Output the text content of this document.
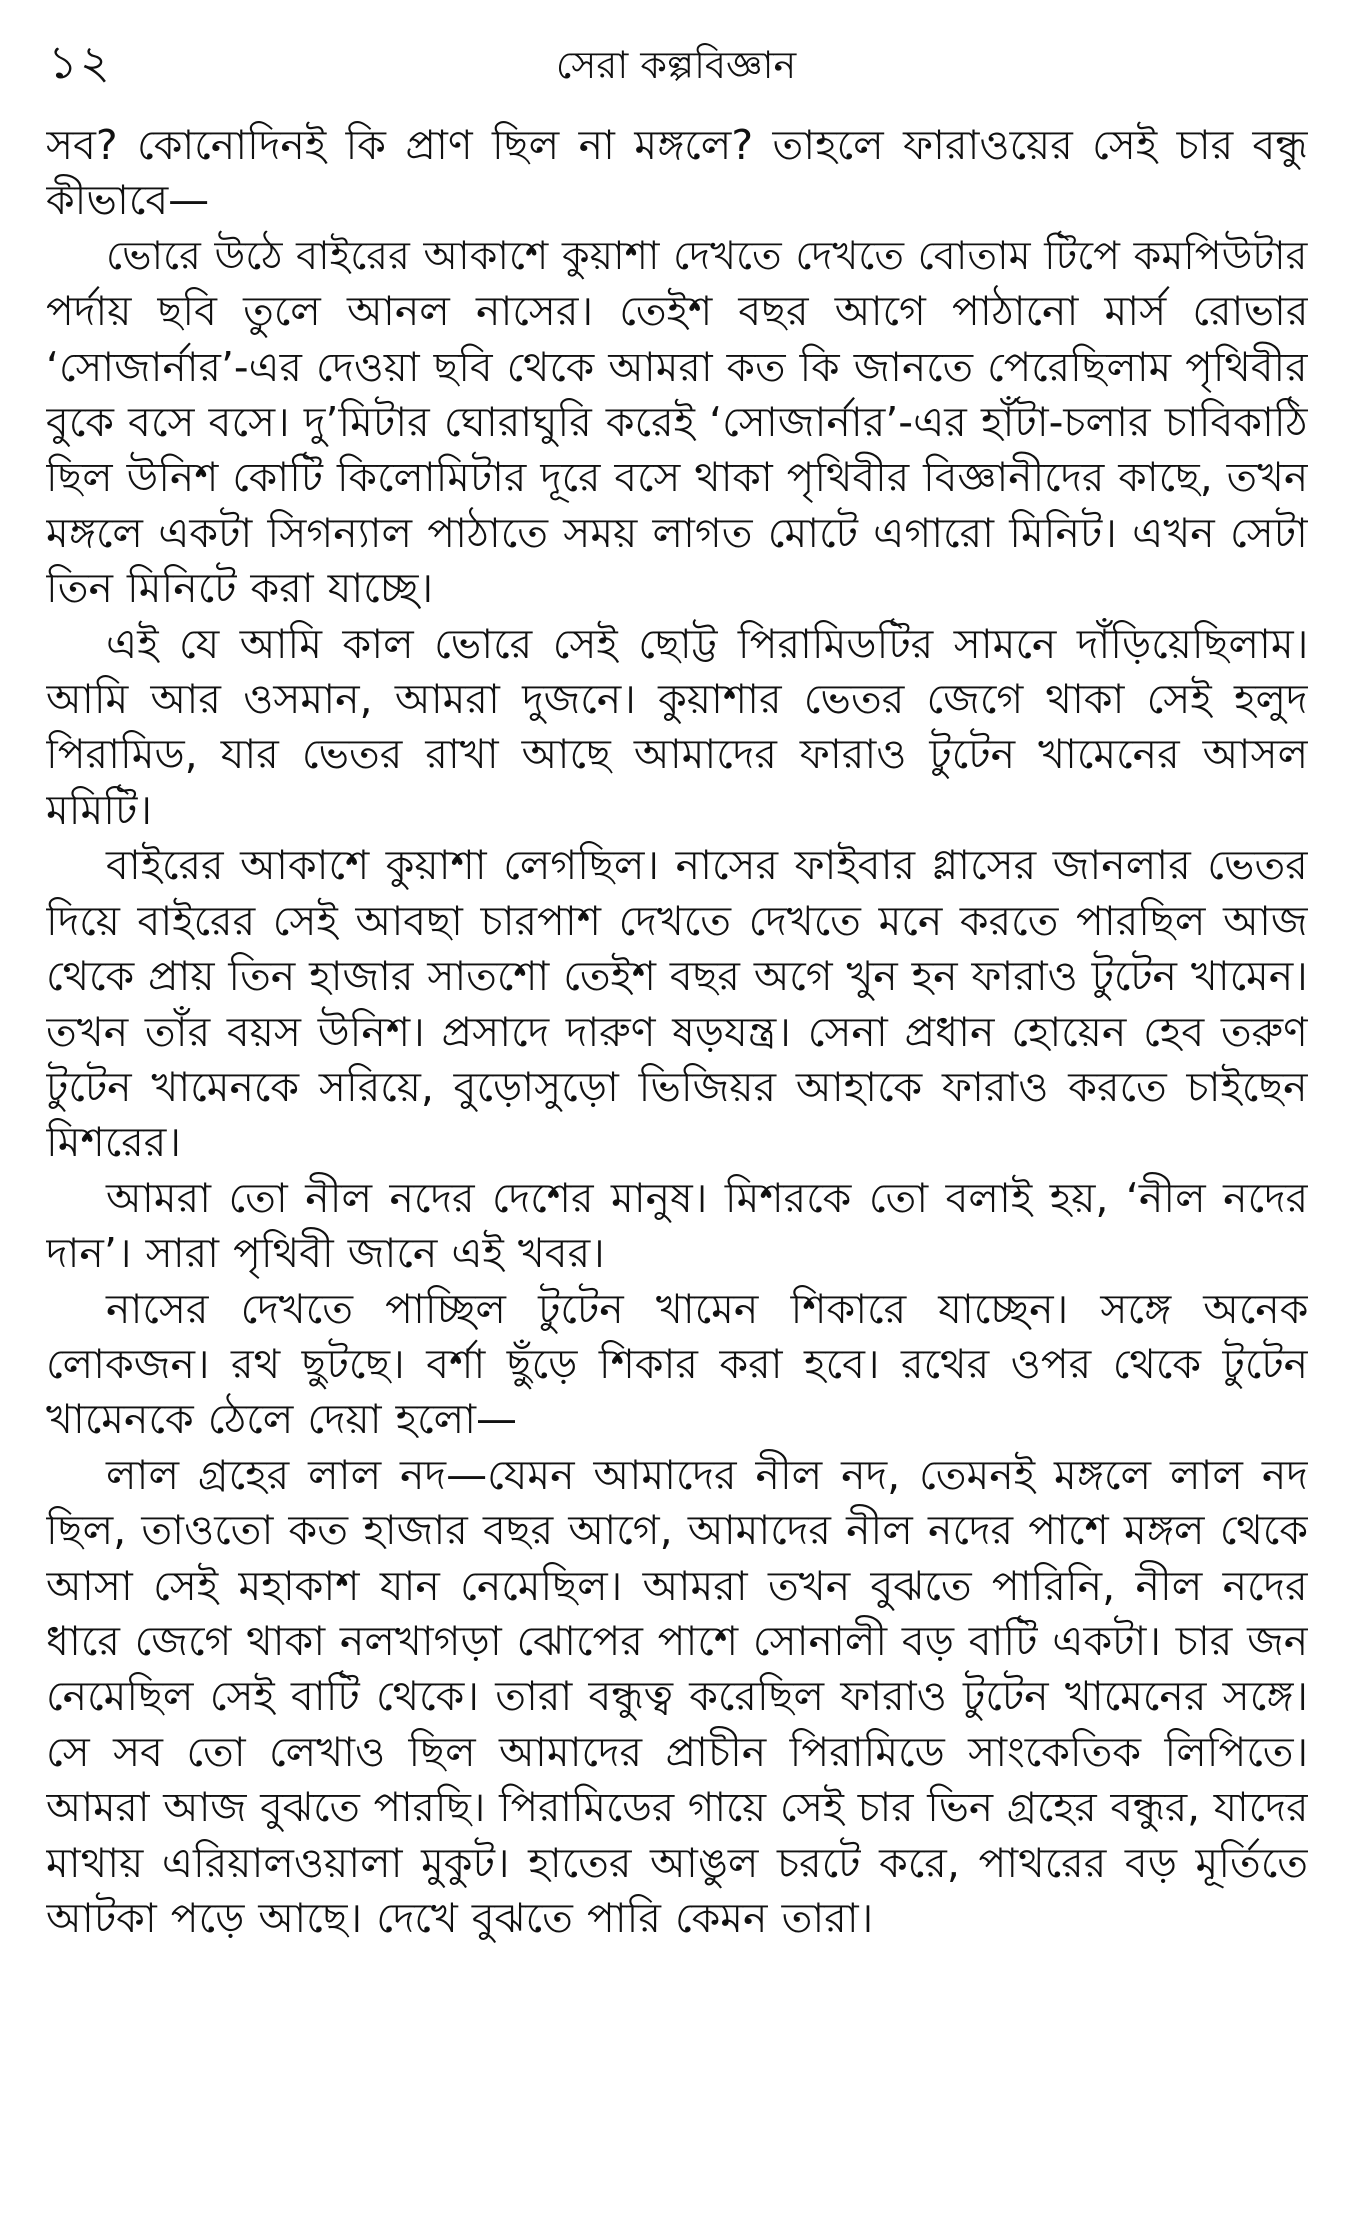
১২	সেরা কল্পবিজ্ঞান
সব? কোনোদিনই কি প্রাণ ছিল না মঙ্গলে? তাহলে ফারাওয়ের সেই চার বন্ধু
কীভাবে—
ভোরে উঠে বাইরের আকাশে কুয়াশা দেখতে দেখতে বোতাম টিপে কমপিউটার
পর্দায় ছবি তুলে আনল নাসের। তেইশ বছর আগে পাঠানো মার্স রোভার
‘সোজার্নার’-এর দেওয়া ছবি থেকে আমরা কত কি জানতে পেরেছিলাম পৃথিবীর
বুকে বসে বসে। দু’মিটার ঘোরাঘুরি করেই ‘সোজার্নার’-এর হাঁটা-চলার চাবিকাঠি
ছিল উনিশ কোটি কিলোমিটার দূরে বসে থাকা পৃথিবীর বিজ্ঞানীদের কাছে, তখন
মঙ্গলে একটা সিগন্যাল পাঠাতে সময় লাগত মোটে এগারো মিনিট। এখন সেটা
তিন মিনিটে করা যাচ্ছে।
এই যে আমি কাল ভোরে সেই ছোট্ট পিরামিডটির সামনে দাঁড়িয়েছিলাম।
আমি আর ওসমান, আমরা দুজনে। কুয়াশার ভেতর জেগে থাকা সেই হলুদ
পিরামিড, যার ভেতর রাখা আছে আমাদের ফারাও টুটেন খামেনের আসল
মমিটি।
বাইরের আকাশে কুয়াশা লেগছিল। নাসের ফাইবার গ্লাসের জানলার ভেতর
দিয়ে বাইরের সেই আবছা চারপাশ দেখতে দেখতে মনে করতে পারছিল আজ
থেকে প্রায় তিন হাজার সাতশো তেইশ বছর অগে খুন হন ফারাও টুটেন খামেন।
তখন তাঁর বয়স উনিশ। প্রসাদে দারুণ ষড়যন্ত্র। সেনা প্রধান হোয়েন হেব তরুণ
টুটেন খামেনকে সরিয়ে, বুড়োসুড়ো ভিজিয়র আহাকে ফারাও করতে চাইছেন
মিশরের।
আমরা তো নীল নদের দেশের মানুষ। মিশরকে তো বলাই হয়, ‘নীল নদের
দান’। সারা পৃথিবী জানে এই খবর।
নাসের দেখতে পাচ্ছিল টুটেন খামেন শিকারে যাচ্ছেন। সঙ্গে অনেক
লোকজন। রথ ছুটছে। বর্শা ছুঁড়ে শিকার করা হবে। রথের ওপর থেকে টুটেন
খামেনকে ঠেলে দেয়া হলো—
লাল গ্রহের লাল নদ—যেমন আমাদের নীল নদ, তেমনই মঙ্গলে লাল নদ
ছিল, তাওতো কত হাজার বছর আগে, আমাদের নীল নদের পাশে মঙ্গল থেকে
আসা সেই মহাকাশ যান নেমেছিল। আমরা তখন বুঝতে পারিনি, নীল নদের
ধারে জেগে থাকা নলখাগড়া ঝোপের পাশে সোনালী বড় বাটি একটা। চার জন
নেমেছিল সেই বাটি থেকে। তারা বন্ধুত্ব করেছিল ফারাও টুটেন খামেনের সঙ্গে।
সে সব তো লেখাও ছিল আমাদের প্রাচীন পিরামিডে সাংকেতিক লিপিতে।
আমরা আজ বুঝতে পারছি। পিরামিডের গায়ে সেই চার ভিন গ্রহের বন্ধুর, যাদের
মাথায় এরিয়ালওয়ালা মুকুট। হাতের আঙুল চরটে করে, পাথরের বড় মূর্তিতে
আটকা পড়ে আছে। দেখে বুঝতে পারি কেমন তারা।
